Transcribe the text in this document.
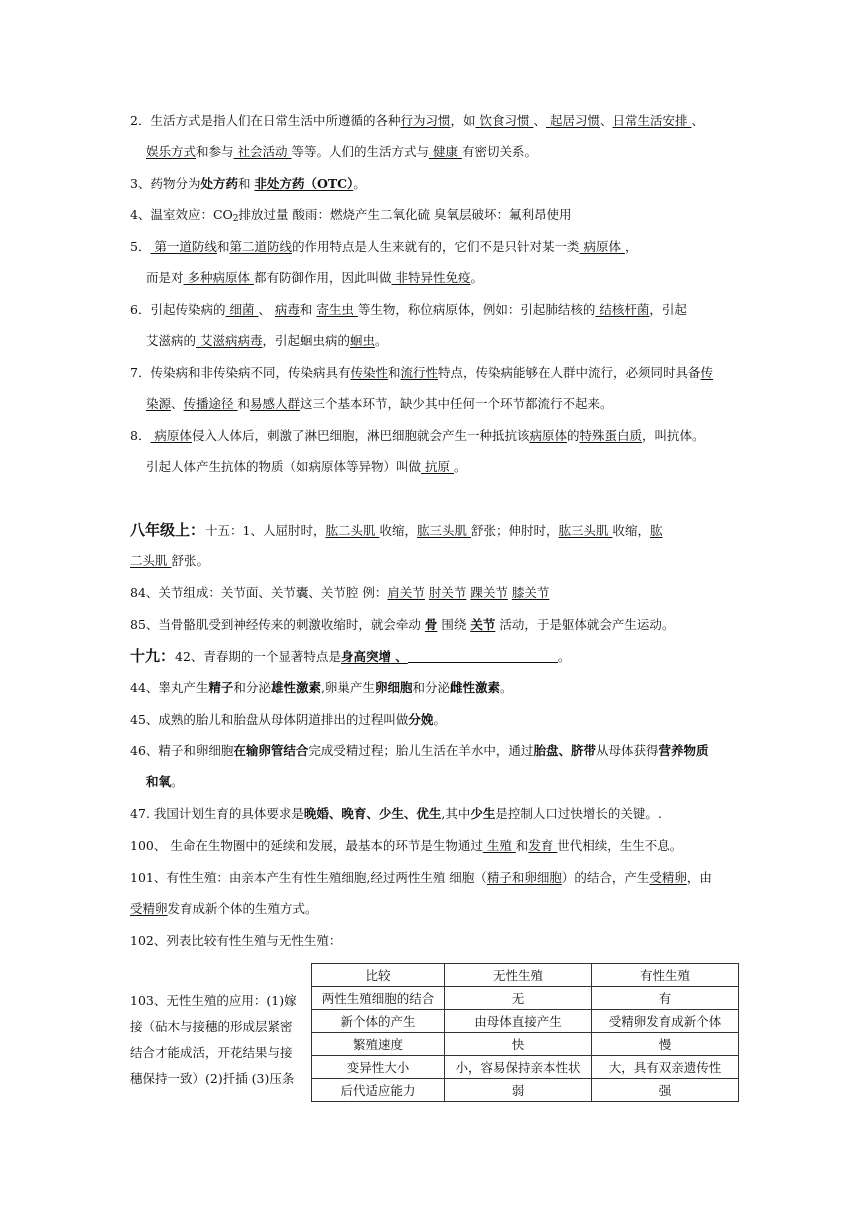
2．生活方式是指人们在日常生活中所遵循的各种行为习惯，如 饮食习惯 、 起居习惯、日常生活安排 、
娱乐方式和参与 社会活动 等等。人们的生活方式与 健康 有密切关系。
3、药物分为处方药和 非处方药（OTC）。
4、温室效应：$CO_2$排放过量 酸雨：燃烧产生二氧化硫 臭氧层破坏：氟利昂使用
5． 第一道防线和第二道防线的作用特点是人生来就有的，它们不是只针对某一类 病原体 ，
而是对 多种病原体 都有防御作用，因此叫做 非特异性免疫。
6．引起传染病的 细菌 、 病毒和 寄生虫 等生物，称位病原体，例如：引起肺结核的 结核杆菌，引起
艾滋病的 艾滋病病毒，引起蛔虫病的蛔虫。
7．传染病和非传染病不同，传染病具有传染性和流行性特点，传染病能够在人群中流行，必须同时具备传
染源、传播途径 和易感人群这三个基本环节，缺少其中任何一个环节都流行不起来。
8． 病原体侵入人体后，刺激了淋巴细胞，淋巴细胞就会产生一种抵抗该病原体的特殊蛋白质，叫抗体。
引起人体产生抗体的物质（如病原体等异物）叫做 抗原 。
八年级上：十五：1、人屈肘时，肱二头肌 收缩，肱三头肌 舒张；伸肘时，肱三头肌 收缩，肱
二头肌 舒张。
84、关节组成：关节面、关节囊、关节腔 例：肩关节 肘关节 踝关节 膝关节
85、当骨骼肌受到神经传来的刺激收缩时，就会牵动 骨 围绕 关节 活动，于是躯体就会产生运动。
十九：42、青春期的一个显著特点是身高突增 、	。
44、睾丸产生精子和分泌雄性激素,卵巢产生卵细胞和分泌雌性激素。
45、成熟的胎儿和胎盘从母体阴道排出的过程叫做分娩。
46、精子和卵细胞在输卵管结合完成受精过程；胎儿生活在羊水中，通过胎盘、脐带从母体获得营养物质
和氧。
47. 我国计划生育的具体要求是晚婚、晚育、少生、优生,其中少生是控制人口过快增长的关键。.
100、 生命在生物圈中的延续和发展，最基本的环节是生物通过 生殖 和发育 世代相续，生生不息。
101、有性生殖：由亲本产生有性生殖细胞,经过两性生殖 细胞（精子和卵细胞）的结合，产生受精卵，由
受精卵发育成新个体的生殖方式。
102、列表比较有性生殖与无性生殖：
103、无性生殖的应用：(1)嫁接（砧木与接穗的形成层紧密结合才能成活，开花结果与接穗保持一致）(2)扦插 (3)压条
比较	无性生殖	有性生殖
两性生殖细胞的结合	无	有
新个体的产生	由母体直接产生	受精卵发育成新个体
繁殖速度	快	慢
变异性大小	小，容易保持亲本性状	大，具有双亲遗传性
后代适应能力	弱	强
